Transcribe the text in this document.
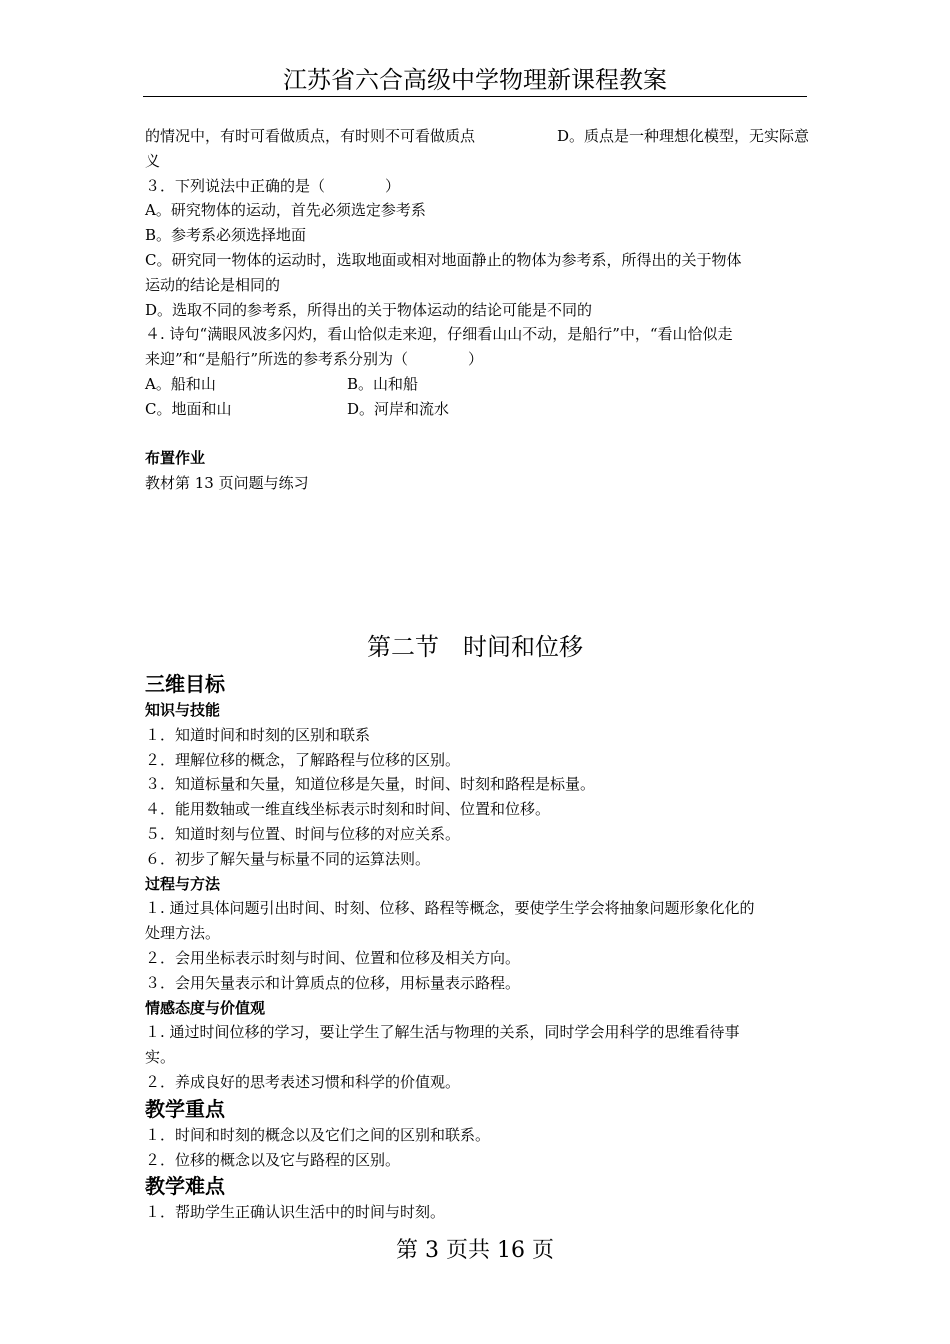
江苏省六合高级中学物理新课程教案
的情况中，有时可看做质点，有时则不可看做质点	D。质点是一种理想化模型，无实际意
义
３．下列说法中正确的是（　　　　）
A。研究物体的运动，首先必须选定参考系
B。参考系必须选择地面
C。研究同一物体的运动时，选取地面或相对地面静止的物体为参考系，所得出的关于物体
运动的结论是相同的
D。选取不同的参考系，所得出的关于物体运动的结论可能是不同的
４. 诗句“满眼风波多闪灼，看山恰似走来迎，仔细看山山不动，是船行”中，“看山恰似走
来迎”和“是船行”所选的参考系分别为（　　　　）
A。船和山	B。山和船
C。地面和山	D。河岸和流水
布置作业
教材第 13 页问题与练习
第二节　时间和位移
三维目标
知识与技能
１．知道时间和时刻的区别和联系
２．理解位移的概念，了解路程与位移的区别。
３．知道标量和矢量，知道位移是矢量，时间、时刻和路程是标量。
４．能用数轴或一维直线坐标表示时刻和时间、位置和位移。
５．知道时刻与位置、时间与位移的对应关系。
６．初步了解矢量与标量不同的运算法则。
过程与方法
１. 通过具体问题引出时间、时刻、位移、路程等概念，要使学生学会将抽象问题形象化化的
处理方法。
２．会用坐标表示时刻与时间、位置和位移及相关方向。
３．会用矢量表示和计算质点的位移，用标量表示路程。
情感态度与价值观
１. 通过时间位移的学习，要让学生了解生活与物理的关系，同时学会用科学的思维看待事
实。
２．养成良好的思考表述习惯和科学的价值观。
教学重点
１．时间和时刻的概念以及它们之间的区别和联系。
２．位移的概念以及它与路程的区别。
教学难点
１．帮助学生正确认识生活中的时间与时刻。
第 3 页共 16 页
